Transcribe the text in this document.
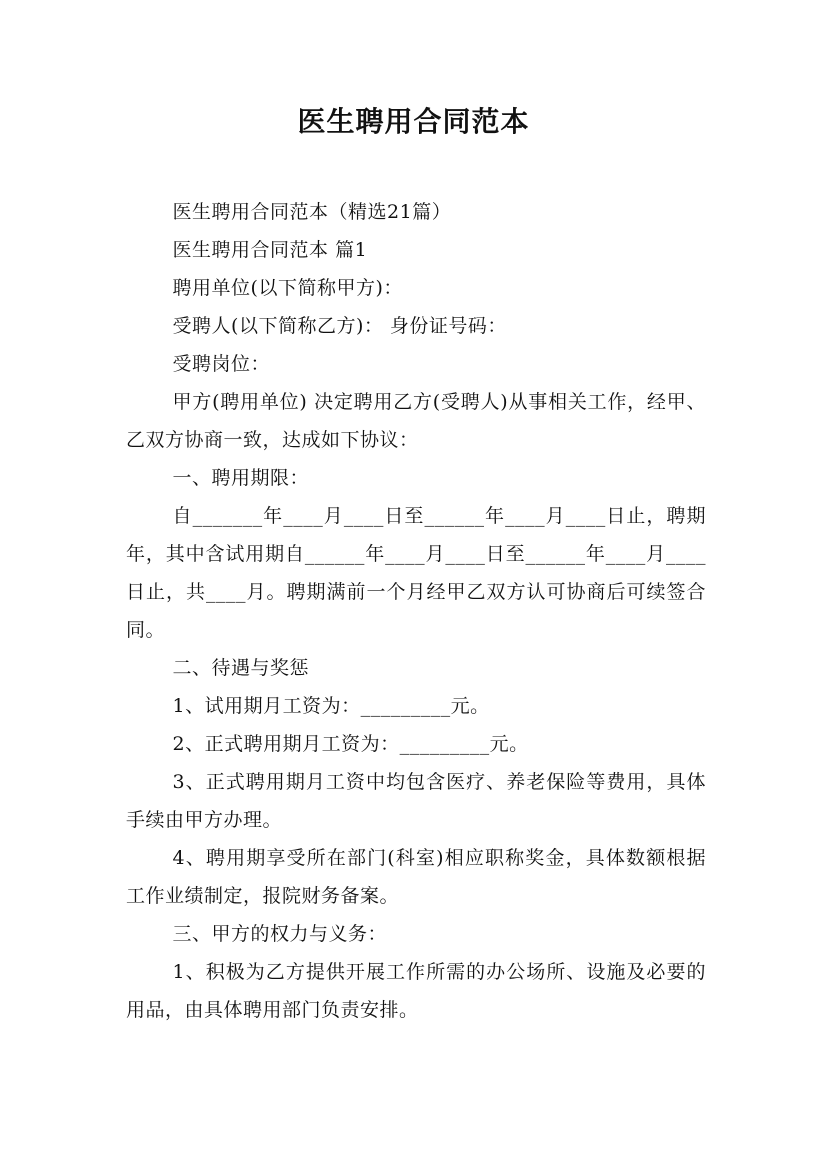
医生聘用合同范本

医生聘用合同范本（精选21篇）

医生聘用合同范本 篇1

聘用单位(以下简称甲方)：

受聘人(以下简称乙方)： 身份证号码：

受聘岗位：

甲方(聘用单位) 决定聘用乙方(受聘人)从事相关工作，经甲、乙双方协商一致，达成如下协议：

一、聘用期限：

自_______年____月____日至______年____月____日止，聘期 年，其中含试用期自______年____月____日至______年____月____日止，共____月。聘期满前一个月经甲乙双方认可协商后可续签合同。

二、待遇与奖惩

1、试用期月工资为：_________元。

2、正式聘用期月工资为：_________元。

3、正式聘用期月工资中均包含医疗、养老保险等费用，具体手续由甲方办理。

4、聘用期享受所在部门(科室)相应职称奖金，具体数额根据工作业绩制定，报院财务备案。

三、甲方的权力与义务：

1、积极为乙方提供开展工作所需的办公场所、设施及必要的用品，由具体聘用部门负责安排。
